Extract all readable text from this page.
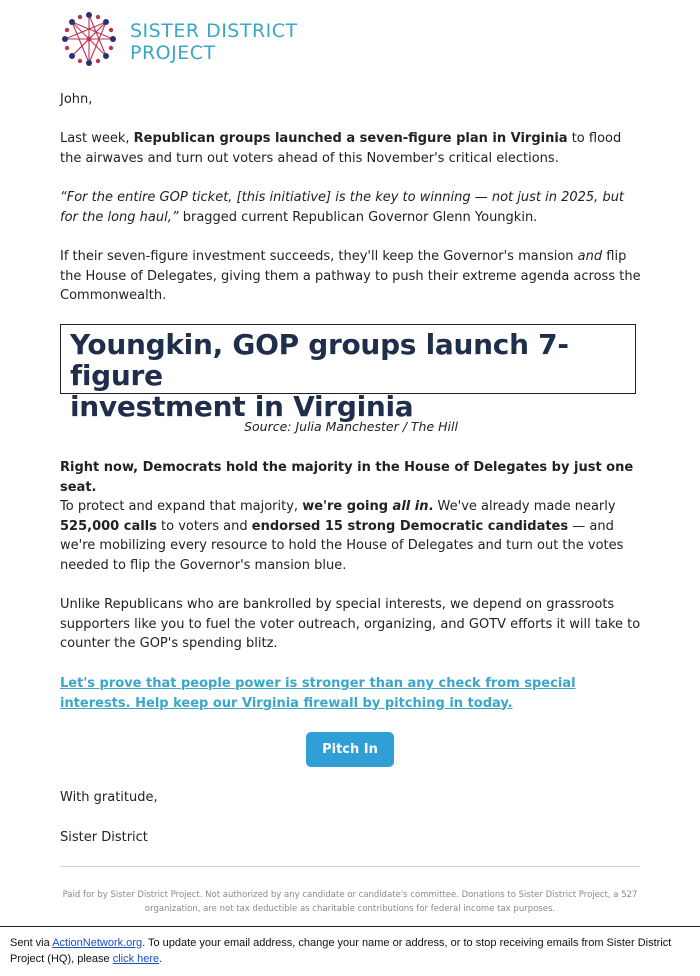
SISTER DISTRICT
PROJECT
John,
Last week, Republican groups launched a seven-figure plan in Virginia to flood the airwaves and turn out voters ahead of this November's critical elections.
“For the entire GOP ticket, [this initiative] is the key to winning — not just in 2025, but for the long haul,” bragged current Republican Governor Glenn Youngkin.
If their seven-figure investment succeeds, they'll keep the Governor's mansion and flip the House of Delegates, giving them a pathway to push their extreme agenda across the Commonwealth.
Youngkin, GOP groups launch 7-figure
investment in Virginia
Source: Julia Manchester / The Hill
Right now, Democrats hold the majority in the House of Delegates by just one seat.
To protect and expand that majority, we're going all in. We've already made nearly 525,000 calls to voters and endorsed 15 strong Democratic candidates — and we're mobilizing every resource to hold the House of Delegates and turn out the votes needed to flip the Governor's mansion blue.
Unlike Republicans who are bankrolled by special interests, we depend on grassroots supporters like you to fuel the voter outreach, organizing, and GOTV efforts it will take to counter the GOP's spending blitz.
Let's prove that people power is stronger than any check from special interests. Help keep our Virginia firewall by pitching in today.
Pitch In
With gratitude,
Sister District
Paid for by Sister District Project. Not authorized by any candidate or candidate's committee. Donations to Sister District Project, a 527 organization, are not tax deductible as charitable contributions for federal income tax purposes.
Sent via ActionNetwork.org. To update your email address, change your name or address, or to stop receiving emails from Sister District Project (HQ), please click here.
